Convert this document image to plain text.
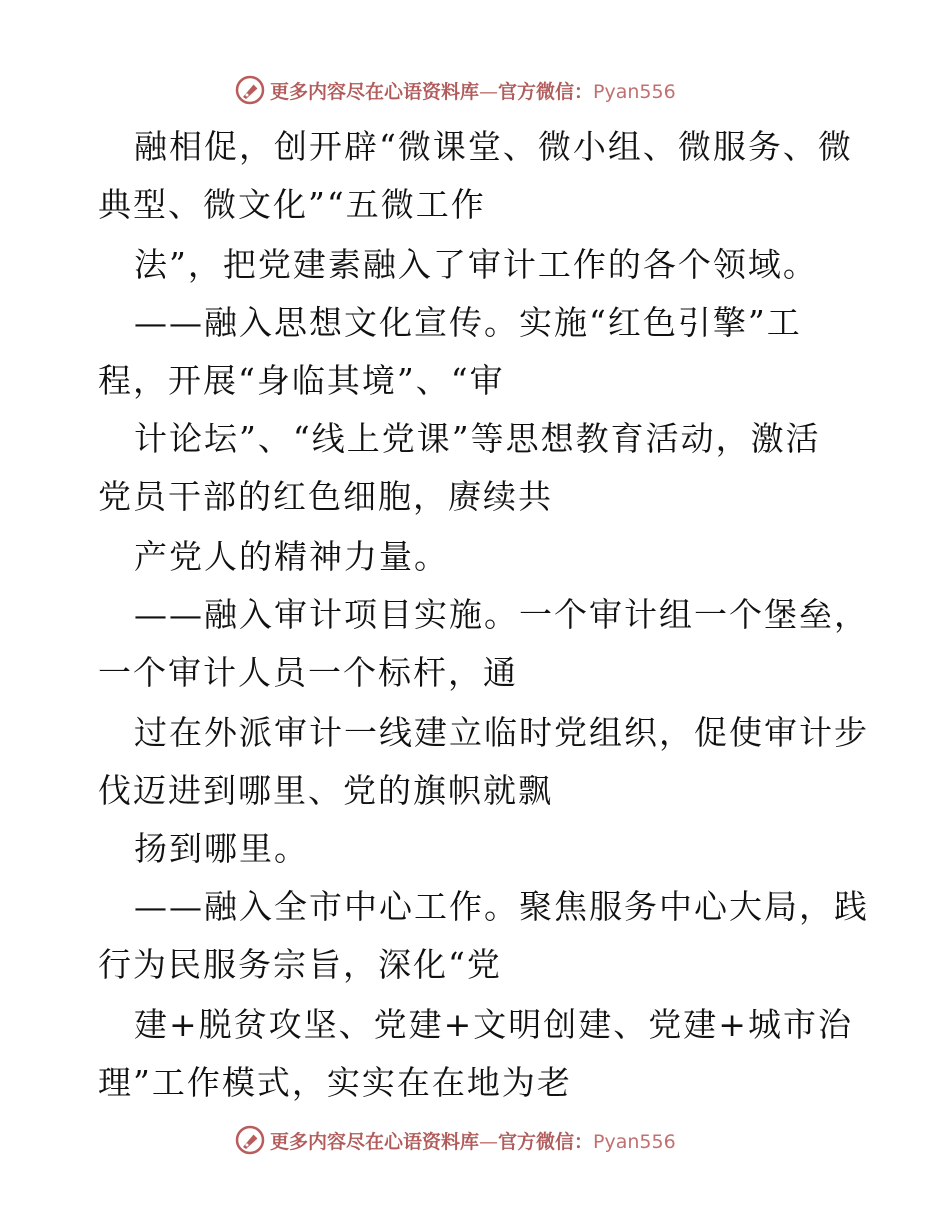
更多内容尽在心语资料库—官方微信：Pyan556
融相促，创开辟“微课堂、微小组、微服务、微
典型、微文化”“五微工作
法”，把党建素融入了审计工作的各个领域。
——融入思想文化宣传。实施“红色引擎”工
程，开展“身临其境”、“审
计论坛”、“线上党课”等思想教育活动，激活
党员干部的红色细胞，赓续共
产党人的精神力量。
——融入审计项目实施。一个审计组一个堡垒，
一个审计人员一个标杆，通
过在外派审计一线建立临时党组织，促使审计步
伐迈进到哪里、党的旗帜就飘
扬到哪里。
——融入全市中心工作。聚焦服务中心大局，践
行为民服务宗旨，深化“党
建+脱贫攻坚、党建+文明创建、党建+城市治
理”工作模式，实实在在地为老
更多内容尽在心语资料库—官方微信：Pyan556
